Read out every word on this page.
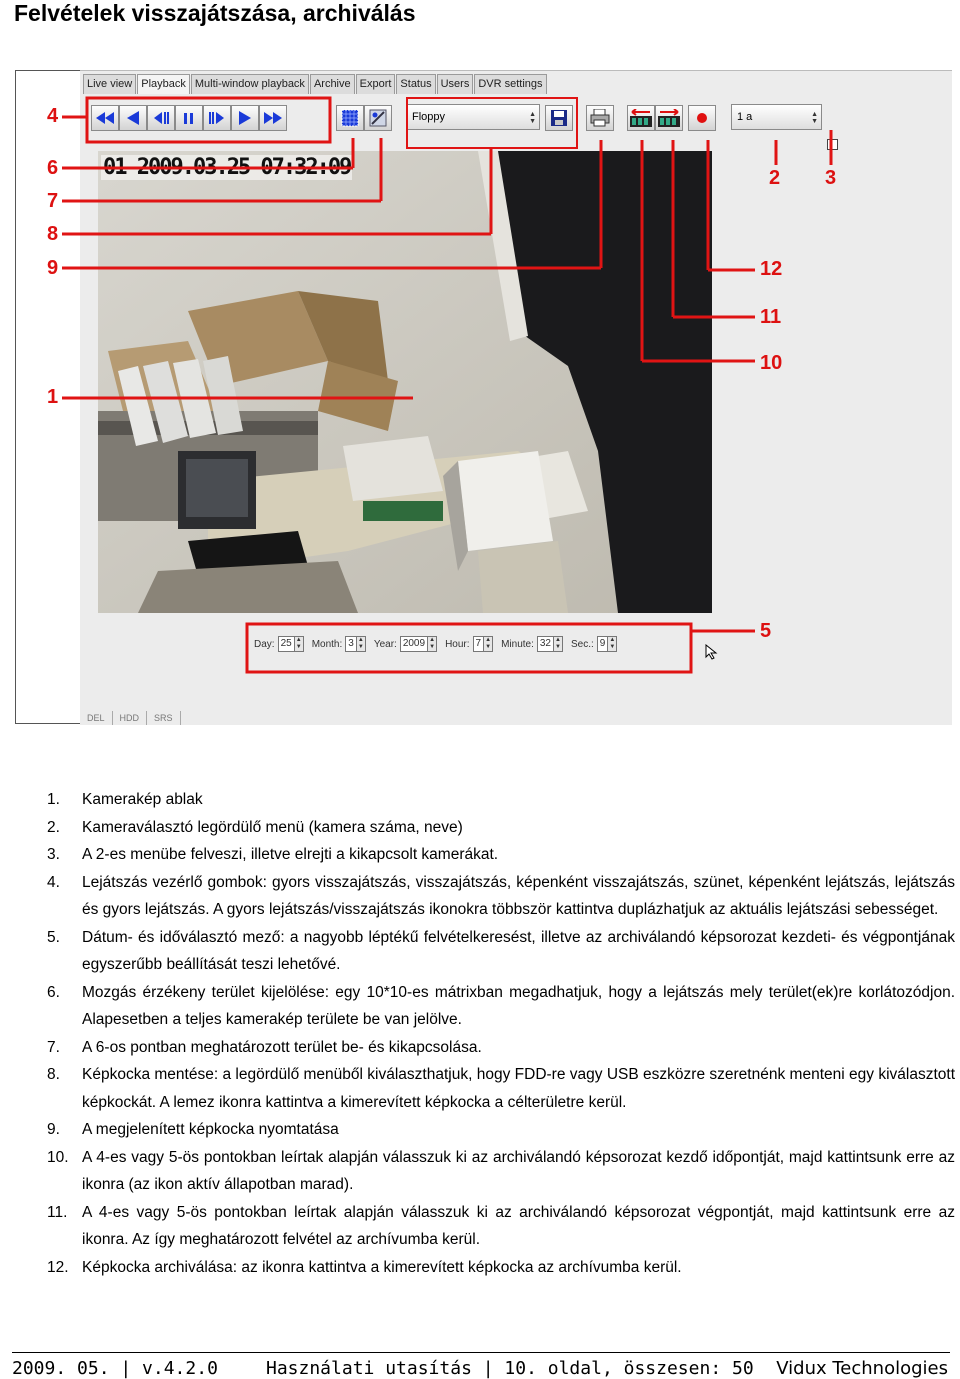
Felvételek visszajátszása, archiválás
Live view Playback Multi-window playback Archive Export Status Users DVR settings
Floppy	▲
▼	1 a	▲
▼
01 2009.03.25 07:32:09
Day: 25 ▲
▼ Month: 3 ▲
▼ Year: 2009 ▲
▼ Hour: 7 ▲
▼ Minute: 32 ▲
▼ Sec.: 9 ▲
▼
DEL	HDD	SRS
4
6
7
8
9
1
2 3
12
11
10
5
1.	Kamerakép ablak
2.	Kameraválasztó legördülő menü (kamera száma, neve)
3.	A 2-es menübe felveszi, illetve elrejti a kikapcsolt kamerákat.
4.	Lejátszás vezérlő gombok: gyors visszajátszás, visszajátszás, képenként visszajátszás, szünet, képenként lejátszás, lejátszás és gyors lejátszás. A gyors lejátszás/visszajátszás ikonokra többször kattintva duplázhatjuk az aktuális lejátszási sebességet.
5.	Dátum- és időválasztó mező: a nagyobb léptékű felvételkeresést, illetve az archiválandó képsorozat kezdeti- és végpontjának egyszerűbb beállítását teszi lehetővé.
6.	Mozgás érzékeny terület kijelölése: egy 10*10-es mátrixban megadhatjuk, hogy a lejátszás mely terület(ek)re korlátozódjon. Alapesetben a teljes kamerakép területe be van jelölve.
7.	A 6-os pontban meghatározott terület be- és kikapcsolása.
8.	Képkocka mentése: a legördülő menüből kiválaszthatjuk, hogy FDD-re vagy USB eszközre szeretnénk menteni egy kiválasztott képkockát. A lemez ikonra kattintva a kimerevített képkocka a célterületre kerül.
9.	A megjelenített képkocka nyomtatása
10. A 4-es vagy 5-ös pontokban leírtak alapján válasszuk ki az archiválandó képsorozat kezdő időpontját, majd kattintsunk erre az ikonra (az ikon aktív állapotban marad).
11. A 4-es vagy 5-ös pontokban leírtak alapján válasszuk ki az archiválandó képsorozat végpontját, majd kattintsunk erre az ikonra. Az így meghatározott felvétel az archívumba kerül.
12. Képkocka archiválása: az ikonra kattintva a kimerevített képkocka az archívumba kerül.
2009. 05. | v.4.2.0	Használati utasítás | 10. oldal, összesen: 50 Vidux Technologies
